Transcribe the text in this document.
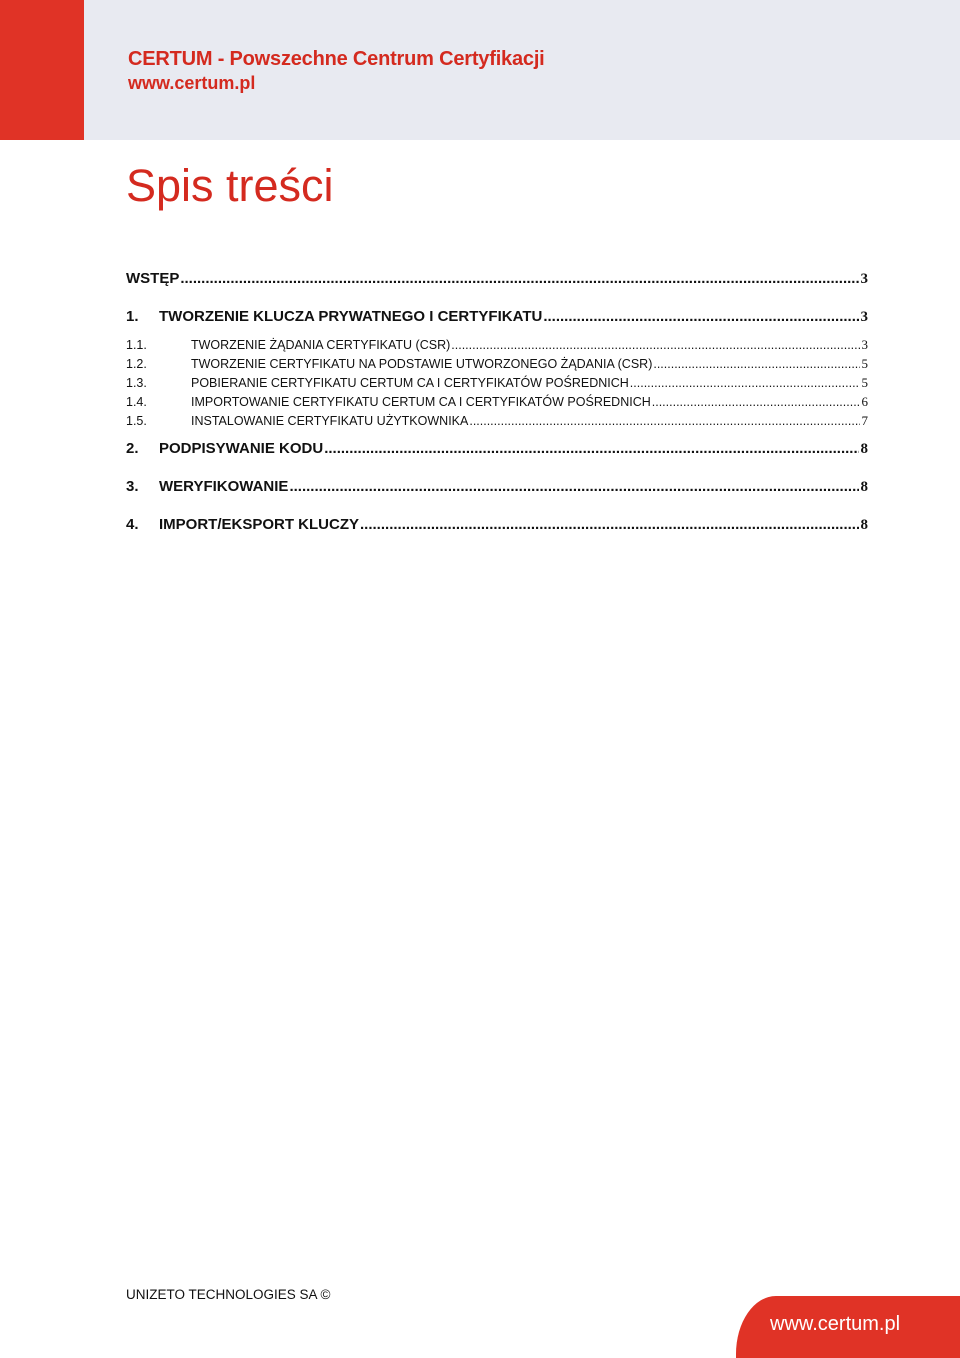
CERTUM - Powszechne Centrum Certyfikacji
www.certum.pl
Spis treści
WSTĘP .....	3
1.	TWORZENIE KLUCZA PRYWATNEGO I CERTYFIKATU .....	3
1.1.	TWORZENIE ŻĄDANIA CERTYFIKATU (CSR) .....	3
1.2.	TWORZENIE CERTYFIKATU NA PODSTAWIE UTWORZONEGO ŻĄDANIA (CSR) .....	5
1.3.	POBIERANIE CERTYFIKATU CERTUM CA I CERTYFIKATÓW POŚREDNICH .....	5
1.4.	IMPORTOWANIE CERTYFIKATU CERTUM CA I CERTYFIKATÓW POŚREDNICH .....	6
1.5.	INSTALOWANIE CERTYFIKATU UŻYTKOWNIKA .....	7
2.	PODPISYWANIE KODU .....	8
3.	WERYFIKOWANIE .....	8
4.	IMPORT/EKSPORT KLUCZY .....	8
UNIZETO TECHNOLOGIES SA ©
www.certum.pl
